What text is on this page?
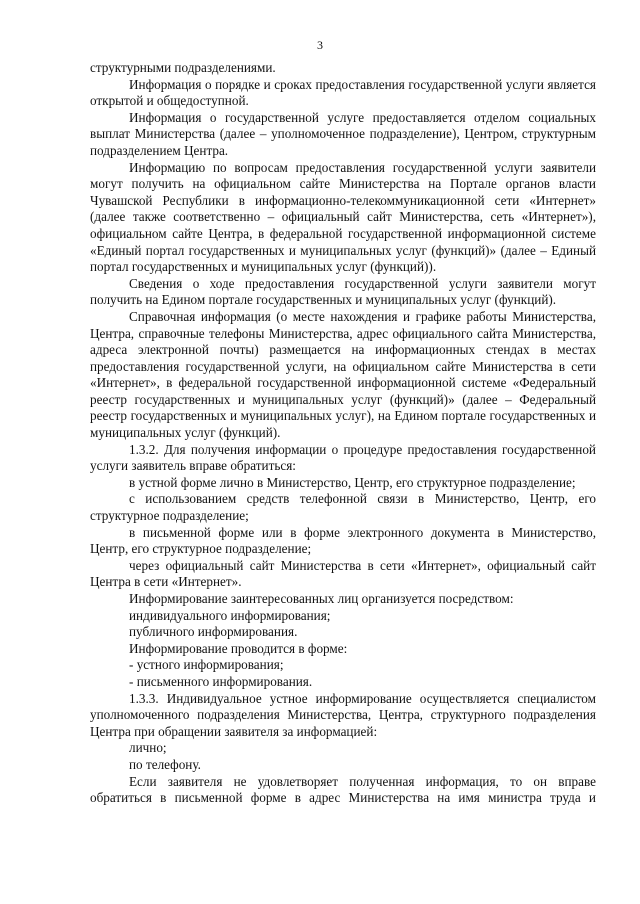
3

структурными подразделениями.

Информация о порядке и сроках предоставления государственной услуги является открытой и общедоступной.

Информация о государственной услуге предоставляется отделом социальных выплат Министерства (далее – уполномоченное подразделение), Центром, структурным подразделением Центра.

Информацию по вопросам предоставления государственной услуги заявители могут получить на официальном сайте Министерства на Портале органов власти Чувашской Республики в информационно-телекоммуникационной сети «Интернет» (далее также соответственно – официальный сайт Министерства, сеть «Интернет»), официальном сайте Центра, в федеральной государственной информационной системе «Единый портал государственных и муниципальных услуг (функций)» (далее – Единый портал государственных и муниципальных услуг (функций)).

Сведения о ходе предоставления государственной услуги заявители могут получить на Едином портале государственных и муниципальных услуг (функций).

Справочная информация (о месте нахождения и графике работы Министерства, Центра, справочные телефоны Министерства, адрес официального сайта Министерства, адреса электронной почты) размещается на информационных стендах в местах предоставления государственной услуги, на официальном сайте Министерства в сети «Интернет», в федеральной государственной информационной системе «Федеральный реестр государственных и муниципальных услуг (функций)» (далее – Федеральный реестр государственных и муниципальных услуг), на Едином портале государственных и муниципальных услуг (функций).

1.3.2. Для получения информации о процедуре предоставления государственной услуги заявитель вправе обратиться:

в устной форме лично в Министерство, Центр, его структурное подразделение;

с использованием средств телефонной связи в Министерство, Центр, его структурное подразделение;

в письменной форме или в форме электронного документа в Министерство, Центр, его структурное подразделение;

через официальный сайт Министерства в сети «Интернет», официальный сайт Центра в сети «Интернет».

Информирование заинтересованных лиц организуется посредством:

индивидуального информирования;

публичного информирования.

Информирование проводится в форме:

- устного информирования;

- письменного информирования.

1.3.3. Индивидуальное устное информирование осуществляется специалистом уполномоченного подразделения Министерства, Центра, структурного подразделения Центра при обращении заявителя за информацией:

лично;

по телефону.

Если заявителя не удовлетворяет полученная информация, то он вправе обратиться в письменной форме в адрес Министерства на имя министра труда и
